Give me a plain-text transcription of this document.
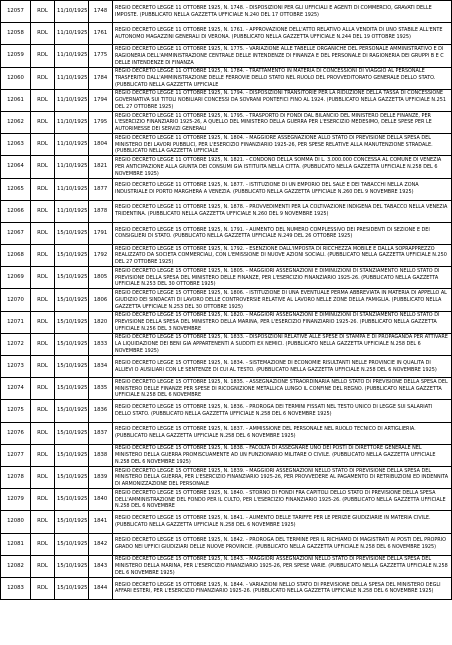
12057	RDL	11/10/1925	1748	REGIO DECRETO LEGGE 11 OTTOBRE 1925, N. 1748. - DISPOSIZIONI PER GLI UFFICIALI E AGENTI DI COMMERCIO, GRAVATI DELLE IMPOSTE. (PUBBLICATO NELLA GAZZETTA UFFICIALE N.240 DEL 17 OTTOBRE 1925)

12058	RDL	11/10/1925	1761	REGIO DECRETO LEGGE 11 OTTOBRE 1925, N. 1761. - APPROVAZIONE DELL'ATTO RELATIVO ALLA VENDITA DI UNO STABILE ALL'ENTE AUTONOMO MAGAZZINI GENERALI DI VERONA. (PUBBLICATO NELLA GAZZETTA UFFICIALE N.244 DEL 19 OTTOBRE 1925)

12059	RDL	11/10/1925	1775	REGIO DECRETO LEGGE 11 OTTOBRE 1925, N. 1775. - VARIAZIONE ALLE TABELLE ORGANICHE DEL PERSONALE AMMINISTRATIVO E DI RAGIONERIA DELL'AMMINISTRAZIONE CENTRALE DELLE INTENDENZE DI FINANZA E DEL PERSONALE DI RAGIONERIA DEI GRUPPI B E C DELLE INTENDENZE DI FINANZA

12060	RDL	11/10/1925	1784	REGIO DECRETO LEGGE 11 OTTOBRE 1925, N. 1784. - TRATTAMENTO IN MATERIA DI CONCESSIONI DI VIAGGIO AL PERSONALE TRASFERITO DALL'AMMINISTRAZIONE DELLE FERROVIE DELLO STATO NEL RUOLO DEL PROVVEDITORATO GENERALE DELLO STATO. (PUBBLICATO NELLA GAZZETTA UFFICIALE

12061	RDL	11/10/1925	1794	REGIO DECRETO LEGGE 11 OTTOBRE 1925, N. 1794. - DISPOSIZIONI TRANSITORIE PER LA RIDUZIONE DELLA TASSA DI CONCESSIONE GOVERNATIVA SUI TITOLI NOBILIARI CONCESSI DA SOVRANI PONTEFICI FINO AL 1924. (PUBBLICATO NELLA GAZZETTA UFFICIALE N.251 DEL 27 OTTOBRE 1925)

12062	RDL	11/10/1925	1795	REGIO DECRETO LEGGE 11 OTTOBRE 1925, N. 1795. - TRASPORTO DI FONDI DAL BILANCIO DEL MINISTERO DELLE FINANZE, PER L'ESERCIZIO FINANZIARIO 1925-26, A QUELLO DEL MINISTERO DELLA GUERRA PER L'ESERCIZIO MEDESIMO, DELLE SPESE PER LE AUTORIMESSE DEI SERVIZI GENERALI

12063	RDL	11/10/1925	1804	REGIO DECRETO LEGGE 11 OTTOBRE 1925, N. 1804. - MAGGIORE ASSEGNAZIONE ALLO STATO DI PREVISIONE DELLA SPESA DEL MINISTERO DEI LAVORI PUBBLICI, PER L'ESERCIZIO FINANZIARIO 1925-26, PER SPESE RELATIVE ALLA MANUTENZIONE STRADALE. (PUBBLICATO NELLA GAZZETTA UFFICIALE

12064	RDL	11/10/1925	1821	REGIO DECRETO LEGGE 11 OTTOBRE 1925, N. 1821. - CONDONO DELLA SOMMA DI L. 3.000.000 CONCESSA AL COMUNE DI VENEZIA PER ANTICIPAZIONE ALLA GIUNTA DEI CONSUMI GIA ISTITUITA NELLA CITTA. (PUBBLICATO NELLA GAZZETTA UFFICIALE N.258 DEL 6 NOVEMBRE 1925)

12065	RDL	11/10/1925	1877	REGIO DECRETO LEGGE 11 OTTOBRE 1925, N. 1877. - ISTITUZIONE DI UN EMPORIO DEL SALE E DEI TABACCHI NELLA ZONA INDUSTRIALE DI PORTO MARGHERA A VENEZIA. (PUBBLICATO NELLA GAZZETTA UFFICIALE N.260 DEL 9 NOVEMBRE 1925)

12066	RDL	11/10/1925	1878	REGIO DECRETO LEGGE 11 OTTOBRE 1925, N. 1878. - PROVVEDIMENTI PER LA COLTIVAZIONE INDIGENA DEL TABACCO NELLA VENEZIA TRIDENTINA. (PUBBLICATO NELLA GAZZETTA UFFICIALE N.260 DEL 9 NOVEMBRE 1925)

12067	RDL	15/10/1925	1791	REGIO DECRETO LEGGE 15 OTTOBRE 1925, N. 1791. - AUMENTO DEL NUMERO COMPLESSIVO DEI PRESIDENTI DI SEZIONE E DEI CONSIGLIERI DI STATO. (PUBBLICATO NELLA GAZZETTA UFFICIALE N.249 DEL 26 OTTOBRE 1925)

12068	RDL	15/10/1925	1792	REGIO DECRETO LEGGE 15 OTTOBRE 1925, N. 1792. - ESENZIONE DALL'IMPOSTA DI RICCHEZZA MOBILE E DALLA SOPRAPPREZZO REALIZZATO DA SOCIETA COMMERCIALI, CON L'EMISSIONE DI NUOVE AZIONI SOCIALI. (PUBBLICATO NELLA GAZZETTA UFFICIALE N.250 DEL 27 OTTOBRE 1925)

12069	RDL	15/10/1925	1805	REGIO DECRETO LEGGE 15 OTTOBRE 1925, N. 1805. - MAGGIORI ASSEGNAZIONI E DIMINUZIONI DI STANZIAMENTO NELLO STATO DI PREVISIONE DELLA SPESA DEL MINISTERO DELLE FINANZE, PER L'ESERCIZIO FINANZIARIO 1925-26. (PUBBLICATO NELLA GAZZETTA UFFICIALE N.253 DEL 30 OTTOBRE 1925)

12070	RDL	15/10/1925	1806	REGIO DECRETO LEGGE 15 OTTOBRE 1925, N. 1806. - ISTITUZIONE DI UNA EVENTUALE PERMA ABBREVIATA IN MATERIA DI APPELLO AL GIUDIZIO DEI SINDACATI DI LAVORO DELLE CONTROVERSIE RELATIVE AL LAVORO NELLE ZONE DELLA FAMIGLIA. (PUBBLICATO NELLA GAZZETTA UFFICIALE N.253 DEL 30 OTTOBRE 1925)

12071	RDL	15/10/1925	1820	REGIO DECRETO LEGGE 15 OTTOBRE 1925, N. 1820. - MAGGIORI ASSEGNAZIONI E DIMINUZIONI DI STANZIAMENTO NELLO STATO DI PREVISIONE DELLA SPESA DEL MINISTERO DELLA MARINA, PER L'ESERCIZIO FINANZIARIO 1925-26. (PUBBLICATO NELLA GAZZETTA UFFICIALE N.256 DEL 3 NOVEMBRE

12072	RDL	15/10/1925	1833	REGIO DECRETO LEGGE 15 OTTOBRE 1925, N. 1833. - DISPOSIZIONI RELATIVE ALLE SPESE DI STAMPA E DI PROPAGANDA PER ATTIVARE LA LIQUIDAZIONE DEI BENI GIA APPARTENENTI A SUDDITI EX NEMICI. (PUBBLICATO NELLA GAZZETTA UFFICIALE N.258 DEL 6 NOVEMBRE 1925)

12073	RDL	15/10/1925	1834	REGIO DECRETO LEGGE 15 OTTOBRE 1925, N. 1834. - SISTEMAZIONE DI ECONOMIE RISULTANTI NELLE PROVINCIE IN QUALITA DI ALLIEVI O AUSILIARI CON LE SENTENZE DI CUI AL TESTO. (PUBBLICATO NELLA GAZZETTA UFFICIALE N.258 DEL 6 NOVEMBRE 1925)

12074	RDL	15/10/1925	1835	REGIO DECRETO LEGGE 15 OTTOBRE 1925, N. 1835. - ASSEGNAZIONE STRAORDINARIA NELLO STATO DI PREVISIONE DELLA SPESA DEL MINISTERO DELLE FINANZE PER SPESE DI RICOGNIZIONE METALLICA LUNGO IL CONFINE DEL REGNO. (PUBBLICATO NELLA GAZZETTA UFFICIALE N.258 DEL 6 NOVEMBRE

12075	RDL	15/10/1925	1836	REGIO DECRETO LEGGE 15 OTTOBRE 1925, N. 1836. - PROROGA DEI TERMINI FISSATI NEL TESTO UNICO DI LEGGE SUI SALARIATI DELLO STATO. (PUBBLICATO NELLA GAZZETTA UFFICIALE N.258 DEL 6 NOVEMBRE 1925)

12076	RDL	15/10/1925	1837	REGIO DECRETO LEGGE 15 OTTOBRE 1925, N. 1837. - AMMISSIONE DEL PERSONALE NEL RUOLO TECNICO DI ARTIGLIERIA. (PUBBLICATO NELLA GAZZETTA UFFICIALE N.258 DEL 6 NOVEMBRE 1925)

12077	RDL	15/10/1925	1838	REGIO DECRETO LEGGE 15 OTTOBRE 1925, N. 1838. - FACOLTA DI ASSEGNARE UNO DEI POSTI DI DIRETTORE GENERALE NEL MINISTERO DELLA GUERRA PROMISCUAMENTE AD UN FUNZIONARIO MILITARE O CIVILE. (PUBBLICATO NELLA GAZZETTA UFFICIALE N.258 DEL 6 NOVEMBRE 1925)

12078	RDL	15/10/1925	1839	REGIO DECRETO LEGGE 15 OTTOBRE 1925, N. 1839. - MAGGIORI ASSEGNAZIONI NELLO STATO DI PREVISIONE DELLA SPESA DEL MINISTERO DELLA GUERRA, PER L'ESERCIZIO FINANZIARIO 1925-26, PER PROVVEDERE AL PAGAMENTO DI RETRIBUZIONI ED INDENNITA DI ARMONIZZAZIONE DEL PERSONALE

12079	RDL	15/10/1925	1840	REGIO DECRETO LEGGE 15 OTTOBRE 1925, N. 1840. - STORNO DI FONDI FRA CAPITOLI DELLO STATO DI PREVISIONE DELLA SPESA DELL'AMMINISTRAZIONE DEL FONDO PER IL CULTO, PER L'ESERCIZIO FINANZIARIO 1925-26. (PUBBLICATO NELLA GAZZETTA UFFICIALE N.258 DEL 6 NOVEMBRE

12080	RDL	15/10/1925	1841	REGIO DECRETO LEGGE 15 OTTOBRE 1925, N. 1841. - AUMENTO DELLE TARIFFE PER LE PERIZIE GIUDIZIARIE IN MATERIA CIVILE. (PUBBLICATO NELLA GAZZETTA UFFICIALE N.258 DEL 6 NOVEMBRE 1925)

12081	RDL	15/10/1925	1842	REGIO DECRETO LEGGE 15 OTTOBRE 1925, N. 1842. - PROROGA DEL TERMINE PER IL RICHIAMO DI MAGISTRATI AI POSTI DEL PROPRIO GRADO NEI UFFICI GIUDIZIARI DELLE NUOVE PROVINCIE. (PUBBLICATO NELLA GAZZETTA UFFICIALE N.258 DEL 6 NOVEMBRE 1925)

12082	RDL	15/10/1925	1843	REGIO DECRETO LEGGE 15 OTTOBRE 1925, N. 1843. - MAGGIORI ASSEGNAZIONI NELLO STATO DI PREVISIONE DELLA SPESA DEL MINISTERO DELLA MARINA, PER L'ESERCIZIO FINANZIARIO 1925-26, PER SPESE VARIE. (PUBBLICATO NELLA GAZZETTA UFFICIALE N.258 DEL 6 NOVEMBRE 1925)

12083	RDL	15/10/1925	1844	REGIO DECRETO LEGGE 15 OTTOBRE 1925, N. 1844. - VARIAZIONI NELLO STATO DI PREVISIONE DELLA SPESA DEL MINISTERO DEGLI AFFARI ESTERI, PER L'ESERCIZIO FINANZIARIO 1925-26. (PUBBLICATO NELLA GAZZETTA UFFICIALE N.258 DEL 6 NOVEMBRE 1925)
